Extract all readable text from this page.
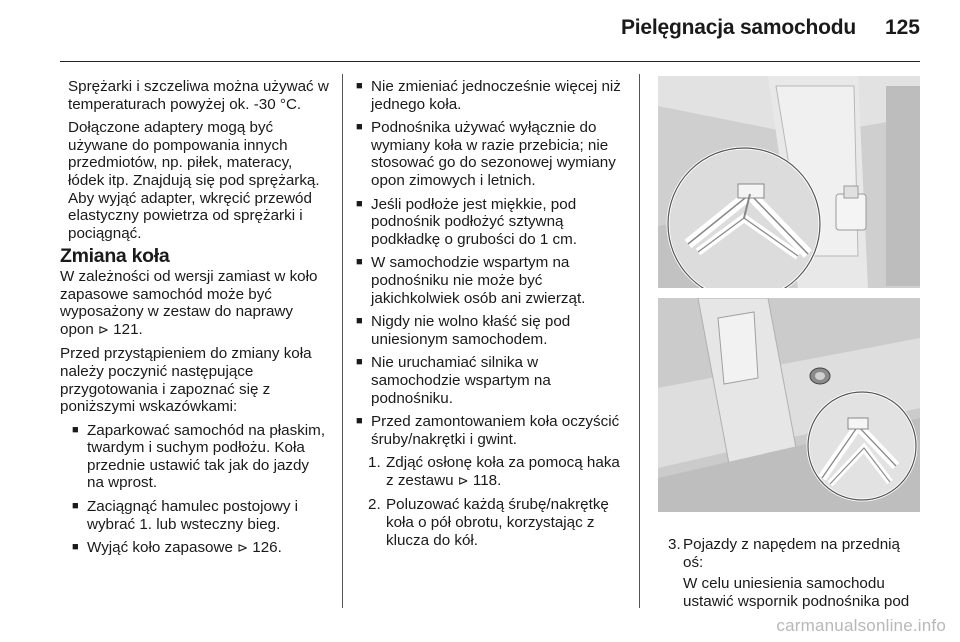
Pielęgnacja samochodu 125

Sprężarki i szczeliwa można używać w temperaturach powyżej ok. -30 °C.

Dołączone adaptery mogą być używane do pompowania innych przedmiotów, np. piłek, materacy, łódek itp. Znajdują się pod sprężarką. Aby wyjąć adapter, wkręcić przewód elastyczny powietrza od sprężarki i pociągnąć.

Zmiana koła

W zależności od wersji zamiast w koło zapasowe samochód może być wyposażony w zestaw do naprawy opon ⊳ 121.

Przed przystąpieniem do zmiany koła należy poczynić następujące przygotowania i zapoznać się z poniższymi wskazówkami:

■ Zaparkować samochód na płaskim, twardym i suchym podłożu. Koła przednie ustawić tak jak do jazdy na wprost.
■ Zaciągnąć hamulec postojowy i wybrać 1. lub wsteczny bieg.
■ Wyjąć koło zapasowe ⊳ 126.
■ Nie zmieniać jednocześnie więcej niż jednego koła.
■ Podnośnika używać wyłącznie do wymiany koła w razie przebicia; nie stosować go do sezonowej wymiany opon zimowych i letnich.
■ Jeśli podłoże jest miękkie, pod podnośnik podłożyć sztywną podkładkę o grubości do 1 cm.
■ W samochodzie wspartym na podnośniku nie może być jakichkolwiek osób ani zwierząt.
■ Nigdy nie wolno kłaść się pod uniesionym samochodem.
■ Nie uruchamiać silnika w samochodzie wspartym na podnośniku.
■ Przed zamontowaniem koła oczyścić śruby/nakrętki i gwint.
1. Zdjąć osłonę koła za pomocą haka z zestawu ⊳ 118.
2. Poluzować każdą śrubę/nakrętkę koła o pół obrotu, korzystając z klucza do kół.	3. Pojazdy z napędem na przednią oś:
W celu uniesienia samochodu ustawić wspornik podnośnika pod
carmanualsonline.info
